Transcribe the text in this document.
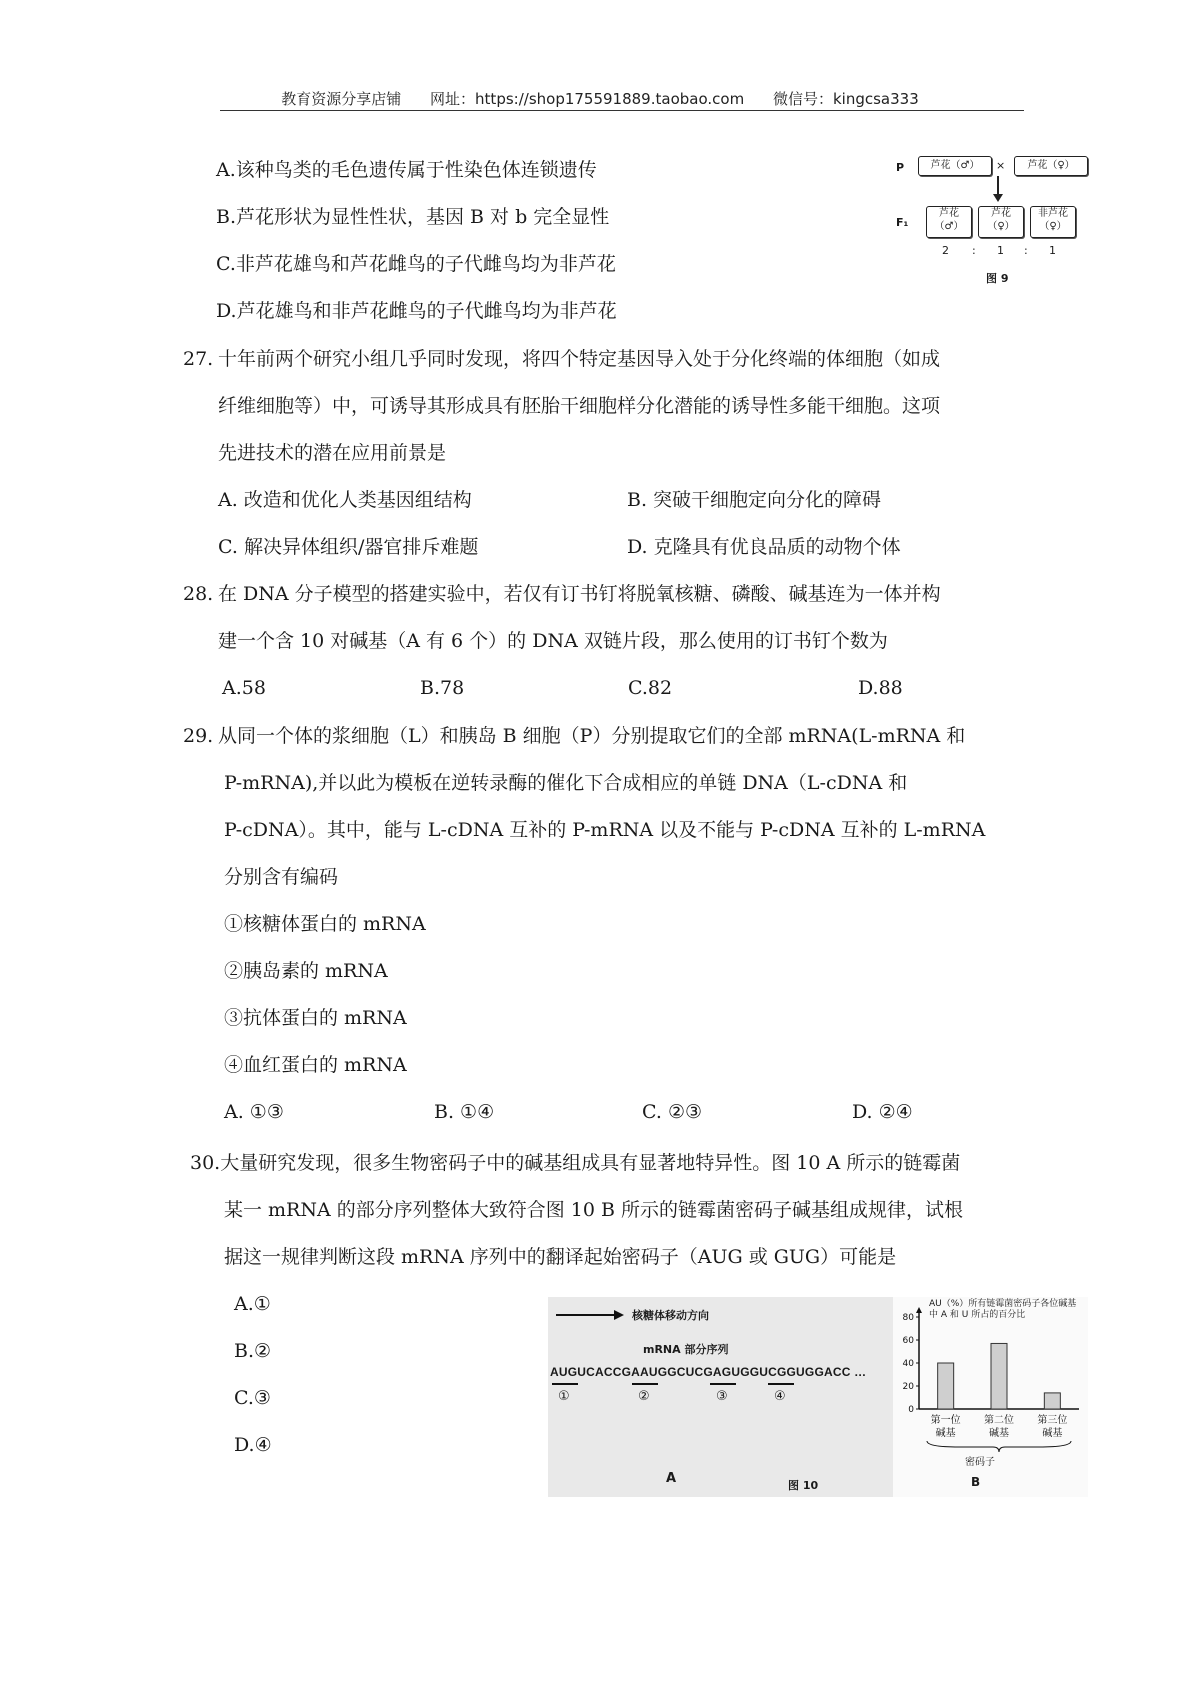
教育资源分享店铺 网址：https://shop175591889.taobao.com 微信号：kingcsa333
A.该种鸟类的毛色遗传属于性染色体连锁遗传
B.芦花形状为显性性状，基因 B 对 b 完全显性
C.非芦花雄鸟和芦花雌鸟的子代雌鸟均为非芦花
D.芦花雄鸟和非芦花雌鸟的子代雌鸟均为非芦花
P	芦花（♂）	×	芦花（♀）
F₁
芦花
（♂）
芦花
（♀）
非芦花
（♀）
2 : 1 : 1
图 9
27. 十年前两个研究小组几乎同时发现，将四个特定基因导入处于分化终端的体细胞（如成
纤维细胞等）中，可诱导其形成具有胚胎干细胞样分化潜能的诱导性多能干细胞。这项
先进技术的潜在应用前景是
A. 改造和优化人类基因组结构	B. 突破干细胞定向分化的障碍
C. 解决异体组织/器官排斥难题	D. 克隆具有优良品质的动物个体
28. 在 DNA 分子模型的搭建实验中，若仅有订书钉将脱氧核糖、磷酸、碱基连为一体并构
建一个含 10 对碱基（A 有 6 个）的 DNA 双链片段，那么使用的订书钉个数为
A.58	B.78	C.82	D.88
29. 从同一个体的浆细胞（L）和胰岛 B 细胞（P）分别提取它们的全部 mRNA(L-mRNA 和
P-mRNA),并以此为模板在逆转录酶的催化下合成相应的单链 DNA（L-cDNA 和
P-cDNA）。其中，能与 L-cDNA 互补的 P-mRNA 以及不能与 P-cDNA 互补的 L-mRNA
分别含有编码
①核糖体蛋白的 mRNA
②胰岛素的 mRNA
③抗体蛋白的 mRNA
④血红蛋白的 mRNA
A. ①③	B. ①④	C. ②③	D. ②④
30.大量研究发现，很多生物密码子中的碱基组成具有显著地特异性。图 10 A 所示的链霉菌
某一 mRNA 的部分序列整体大致符合图 10 B 所示的链霉菌密码子碱基组成规律，试根
据这一规律判断这段 mRNA 序列中的翻译起始密码子（AUG 或 GUG）可能是
A.①
B.②
C.③
D.④
核糖体移动方向
mRNA 部分序列
AUGUCACCGAAUGGCUCGAGUGGUCGGUGGACC …
①	②	③	④
A	图 10
AU（%）所有链霉菌密码子各位碱基中 A 和 U 所占的百分比
0
20
40
60
80
第一位
碱基
第二位
碱基
第三位
碱基
密码子
B
